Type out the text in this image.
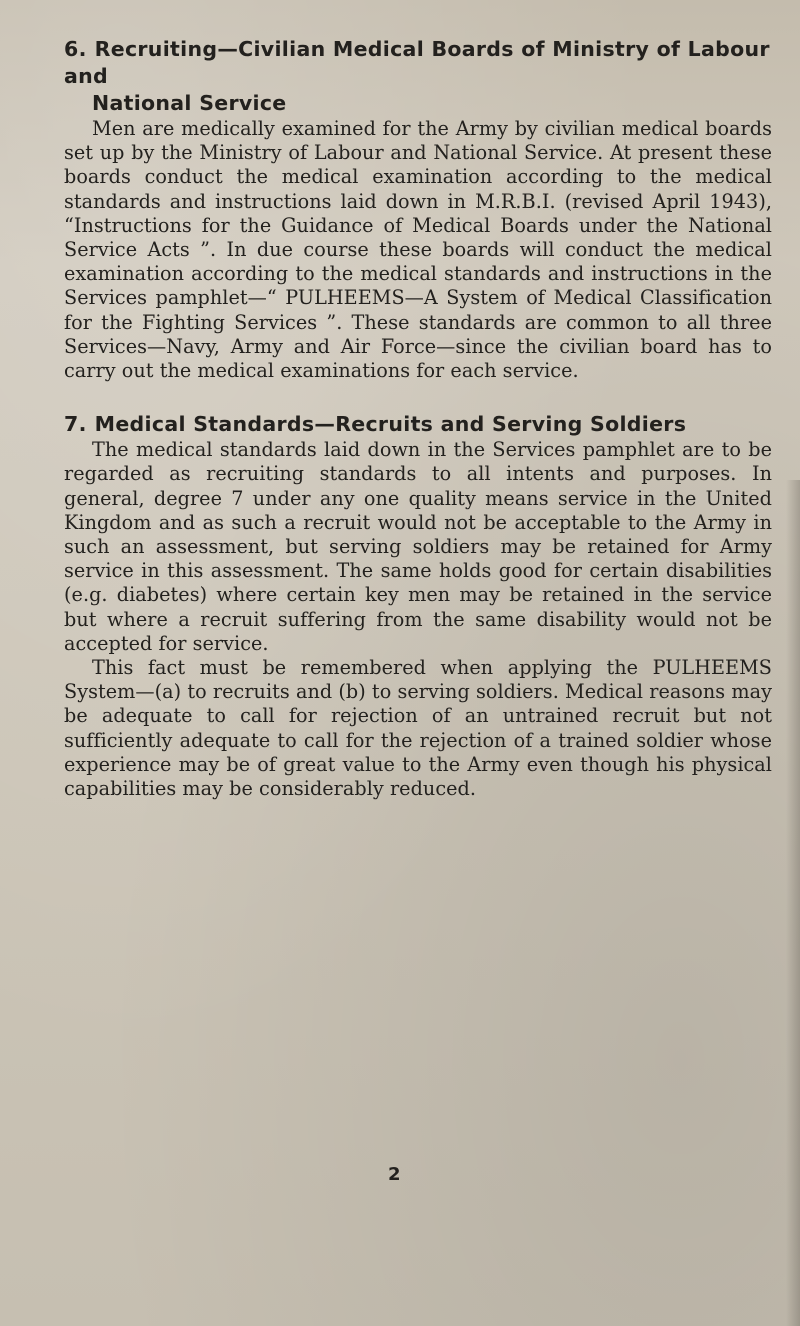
6. Recruiting—Civilian Medical Boards of Ministry of Labour and
National Service

Men are medically examined for the Army by civilian medical boards set up by the Ministry of Labour and National Service. At present these boards conduct the medical examination according to the medical standards and instructions laid down in M.R.B.I. (revised April 1943), “Instructions for the Guidance of Medical Boards under the National Service Acts ”. In due course these boards will conduct the medical examination according to the medical standards and instructions in the Services pamphlet—“ PULHEEMS—A System of Medical Classification for the Fighting Services ”. These standards are common to all three Services—Navy, Army and Air Force—since the civilian board has to carry out the medical examinations for each service.

7. Medical Standards—Recruits and Serving Soldiers

The medical standards laid down in the Services pamphlet are to be regarded as recruiting standards to all intents and purposes. In general, degree 7 under any one quality means service in the United Kingdom and as such a recruit would not be acceptable to the Army in such an assessment, but serving soldiers may be retained for Army service in this assessment. The same holds good for certain disabilities (e.g. diabetes) where certain key men may be retained in the service but where a recruit suffering from the same disability would not be accepted for service.

This fact must be remembered when applying the PULHEEMS System—(a) to recruits and (b) to serving soldiers. Medical reasons may be adequate to call for rejection of an untrained recruit but not sufficiently adequate to call for the rejection of a trained soldier whose experience may be of great value to the Army even though his physical capabilities may be considerably reduced.

2
